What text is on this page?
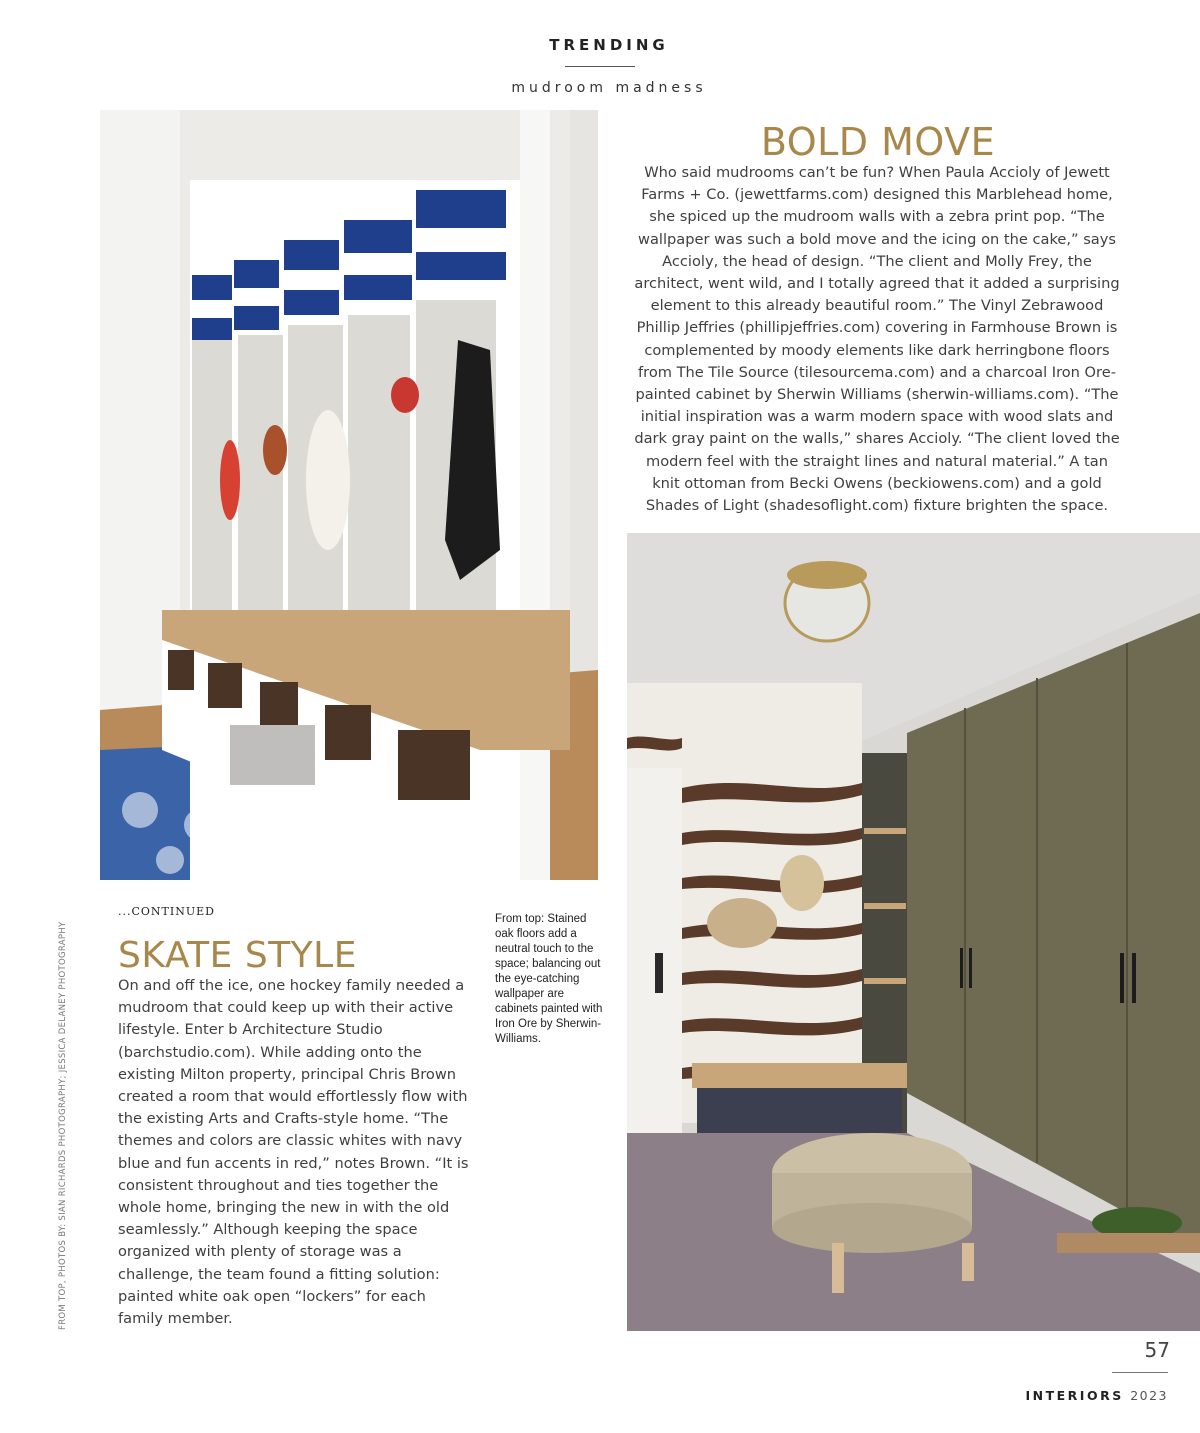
TRENDING
mudroom madness
BOLD MOVE
Who said mudrooms can’t be fun? When Paula Accioly of Jewett Farms + Co. (jewettfarms.com) designed this Marblehead home, she spiced up the mudroom walls with a zebra print pop. “The wallpaper was such a bold move and the icing on the cake,” says Accioly, the head of design. “The client and Molly Frey, the architect, went wild, and I totally agreed that it added a surprising element to this already beautiful room.” The Vinyl Zebrawood Phillip Jeffries (phillipjeffries.com) covering in Farmhouse Brown is complemented by moody elements like dark herringbone floors from The Tile Source (tilesourcema.com) and a charcoal Iron Ore-painted cabinet by Sherwin Williams (sherwin-williams.com). “The initial inspiration was a warm modern space with wood slats and dark gray paint on the walls,” shares Accioly. “The client loved the modern feel with the straight lines and natural material.” A tan knit ottoman from Becki Owens (beckiowens.com) and a gold Shades of Light (shadesoflight.com) fixture brighten the space.
...CONTINUED
SKATE STYLE
On and off the ice, one hockey family needed a mudroom that could keep up with their active lifestyle. Enter b Architecture Studio (barchstudio.com). While adding onto the existing Milton property, principal Chris Brown created a room that would effortlessly flow with the existing Arts and Crafts-style home. “The themes and colors are classic whites with navy blue and fun accents in red,” notes Brown. “It is consistent throughout and ties together the whole home, bringing the new in with the old seamlessly.” Although keeping the space organized with plenty of storage was a challenge, the team found a fitting solution: painted white oak open “lockers” for each family member.
From top: Stained oak floors add a neutral touch to the space; balancing out the eye-catching wallpaper are cabinets painted with Iron Ore by Sherwin-Williams.
FROM TOP, PHOTOS BY: SIAN RICHARDS PHOTOGRAPHY; JESSICA DELANEY PHOTOGRAPHY
57
INTERIORS 2023
